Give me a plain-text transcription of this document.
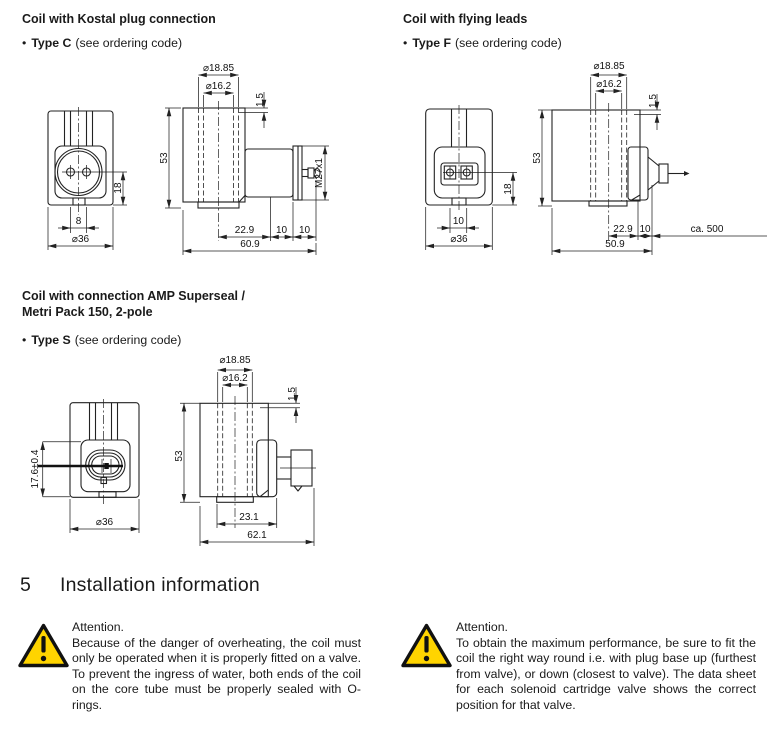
Coil with Kostal plug connection
• Type C (see ordering code)
18
8
⌀36
⌀18.85
⌀16.2
1.5
M27x1
53
22.9 10 10
60.9
Coil with flying leads
• Type F (see ordering code)
18
10
⌀36
⌀18.85
⌀16.2
1.5
53
22.9 10	ca. 500
50.9
Coil with connection AMP Superseal /
Metri Pack 150, 2-pole
• Type S (see ordering code)
17.6±0.4
⌀36
⌀18.85
⌀16.2
1.5
53
23.1
62.1
5 Installation information
Attention.
Because of the danger of overheating, the coil must only be operated when it is properly fitted on a valve. To prevent the ingress of water, both ends of the coil on the core tube must be properly sealed with O-rings.
Attention.
To obtain the maximum performance, be sure to fit the coil the right way round i.e. with plug base up (furthest from valve), or down (closest to valve). The data sheet for each solenoid cartridge valve shows the correct position for that valve.
